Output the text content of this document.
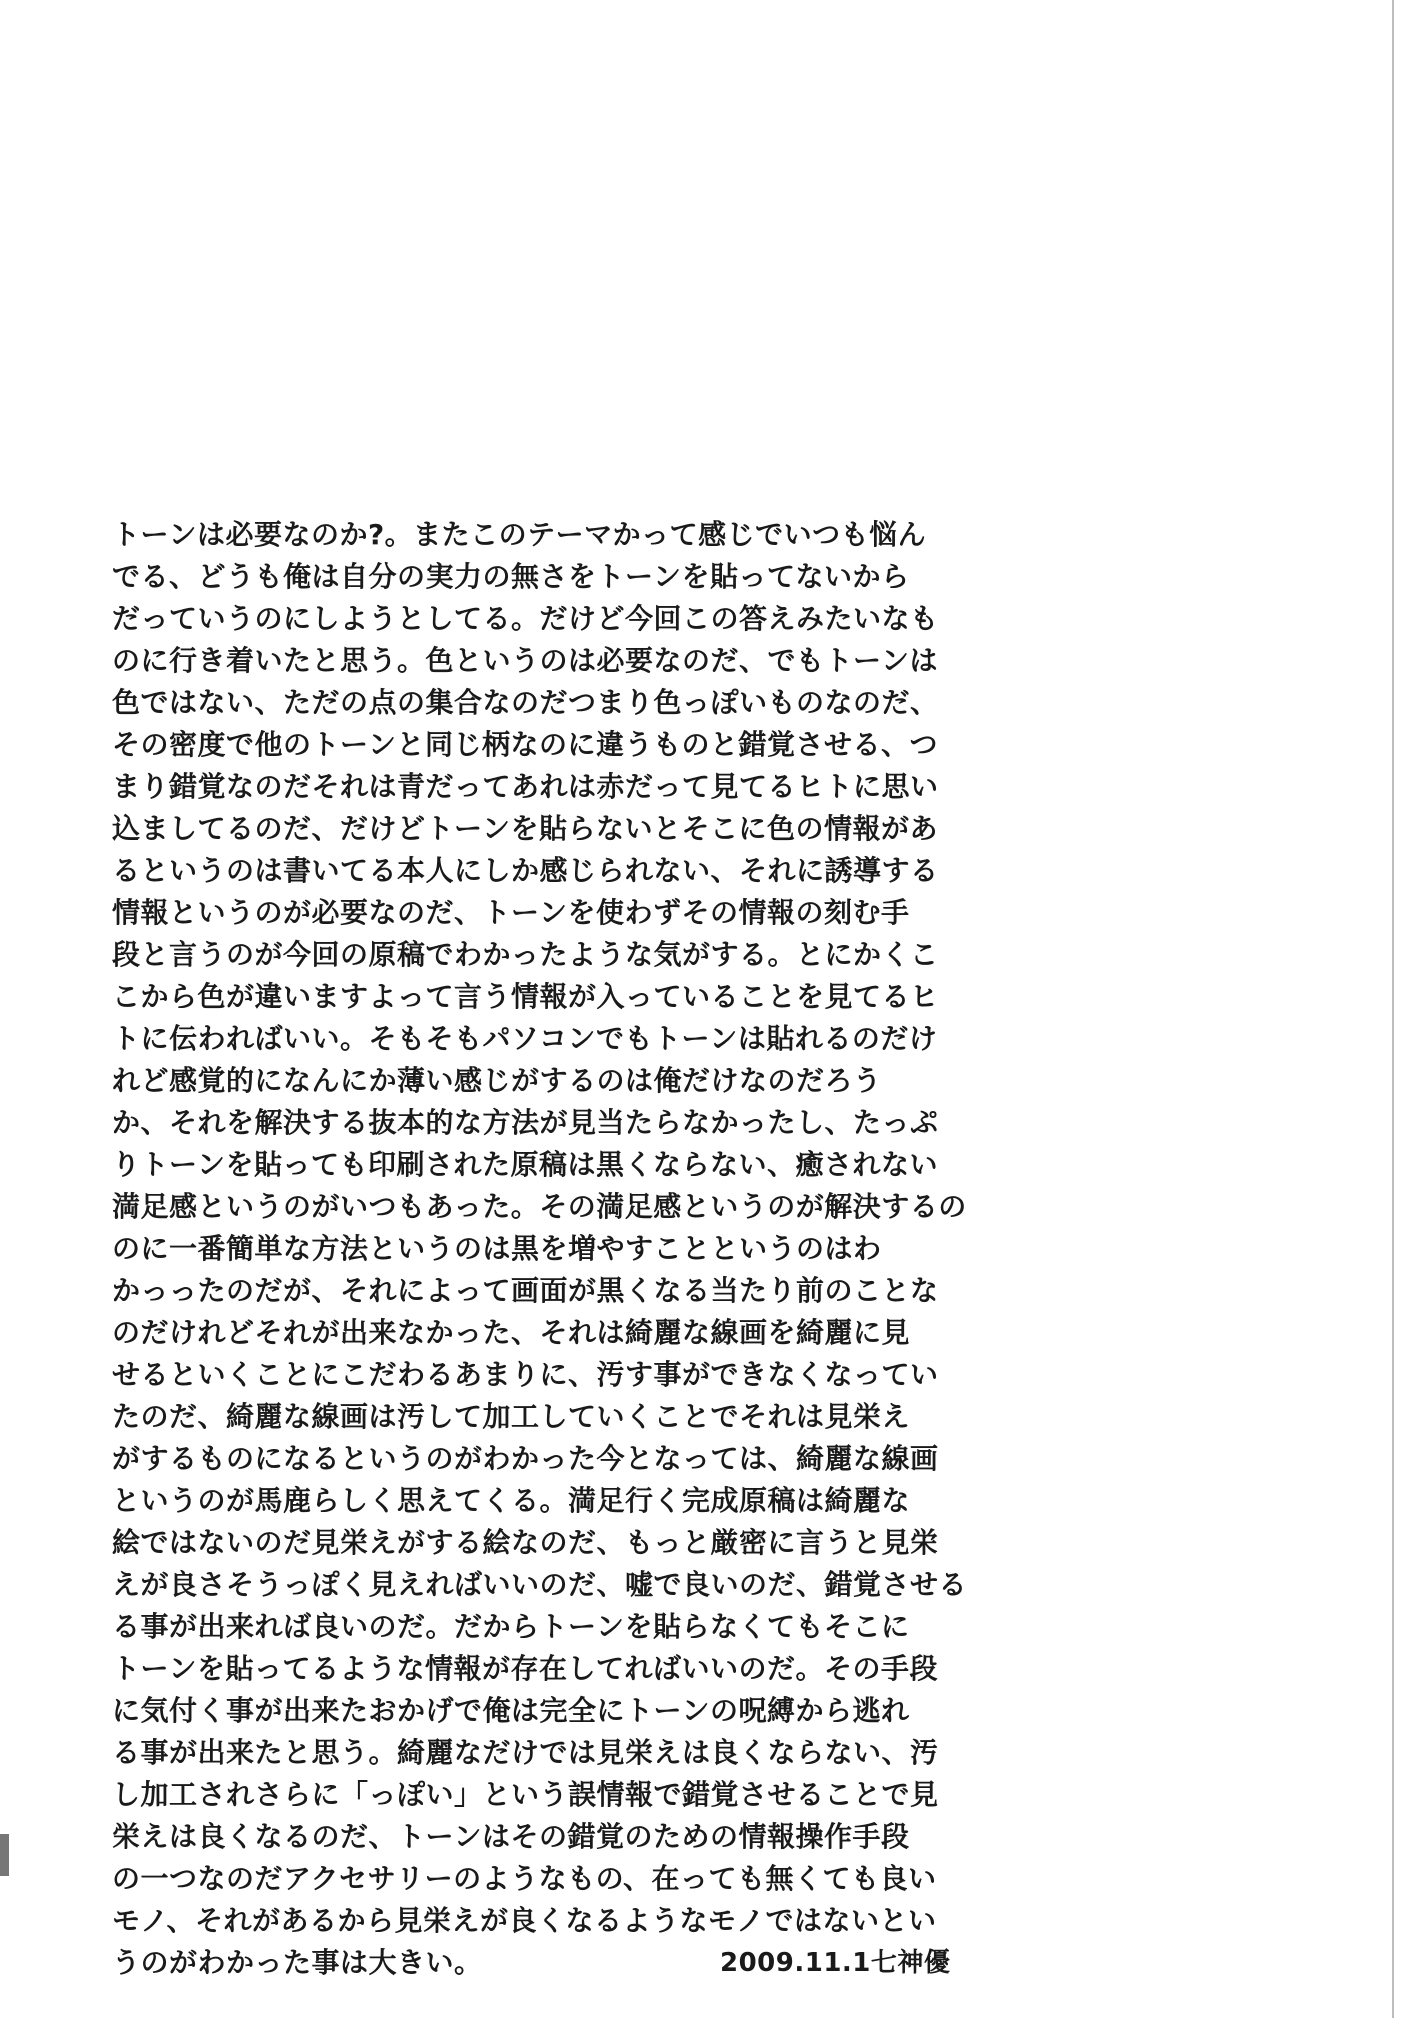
トーンは必要なのか?。またこのテーマかって感じでいつも悩ん
でる、どうも俺は自分の実力の無さをトーンを貼ってないから
だっていうのにしようとしてる。だけど今回この答えみたいなも
のに行き着いたと思う。色というのは必要なのだ、でもトーンは
色ではない、ただの点の集合なのだつまり色っぽいものなのだ、
その密度で他のトーンと同じ柄なのに違うものと錯覚させる、つ
まり錯覚なのだそれは青だってあれは赤だって見てるヒトに思い
込ましてるのだ、だけどトーンを貼らないとそこに色の情報があ
るというのは書いてる本人にしか感じられない、それに誘導する
情報というのが必要なのだ、トーンを使わずその情報の刻む手
段と言うのが今回の原稿でわかったような気がする。とにかくこ
こから色が違いますよって言う情報が入っていることを見てるヒ
トに伝わればいい。そもそもパソコンでもトーンは貼れるのだけ
れど感覚的になんにか薄い感じがするのは俺だけなのだろう
か、それを解決する抜本的な方法が見当たらなかったし、たっぷ
りトーンを貼っても印刷された原稿は黒くならない、癒されない
満足感というのがいつもあった。その満足感というのが解決するの
のに一番簡単な方法というのは黒を増やすことというのはわ
かっったのだが、それによって画面が黒くなる当たり前のことな
のだけれどそれが出来なかった、それは綺麗な線画を綺麗に見
せるといくことにこだわるあまりに、汚す事ができなくなってい
たのだ、綺麗な線画は汚して加工していくことでそれは見栄え
がするものになるというのがわかった今となっては、綺麗な線画
というのが馬鹿らしく思えてくる。満足行く完成原稿は綺麗な
絵ではないのだ見栄えがする絵なのだ、もっと厳密に言うと見栄
えが良さそうっぽく見えればいいのだ、嘘で良いのだ、錯覚させる
る事が出来れば良いのだ。だからトーンを貼らなくてもそこに
トーンを貼ってるような情報が存在してればいいのだ。その手段
に気付く事が出来たおかげで俺は完全にトーンの呪縛から逃れ
る事が出来たと思う。綺麗なだけでは見栄えは良くならない、汚
し加工されさらに「っぽい」という誤情報で錯覚させることで見
栄えは良くなるのだ、トーンはその錯覚のための情報操作手段
の一つなのだアクセサリーのようなもの、在っても無くても良い
モノ、それがあるから見栄えが良くなるようなモノではないとい
うのがわかった事は大きい。	2009.11.1七神優
